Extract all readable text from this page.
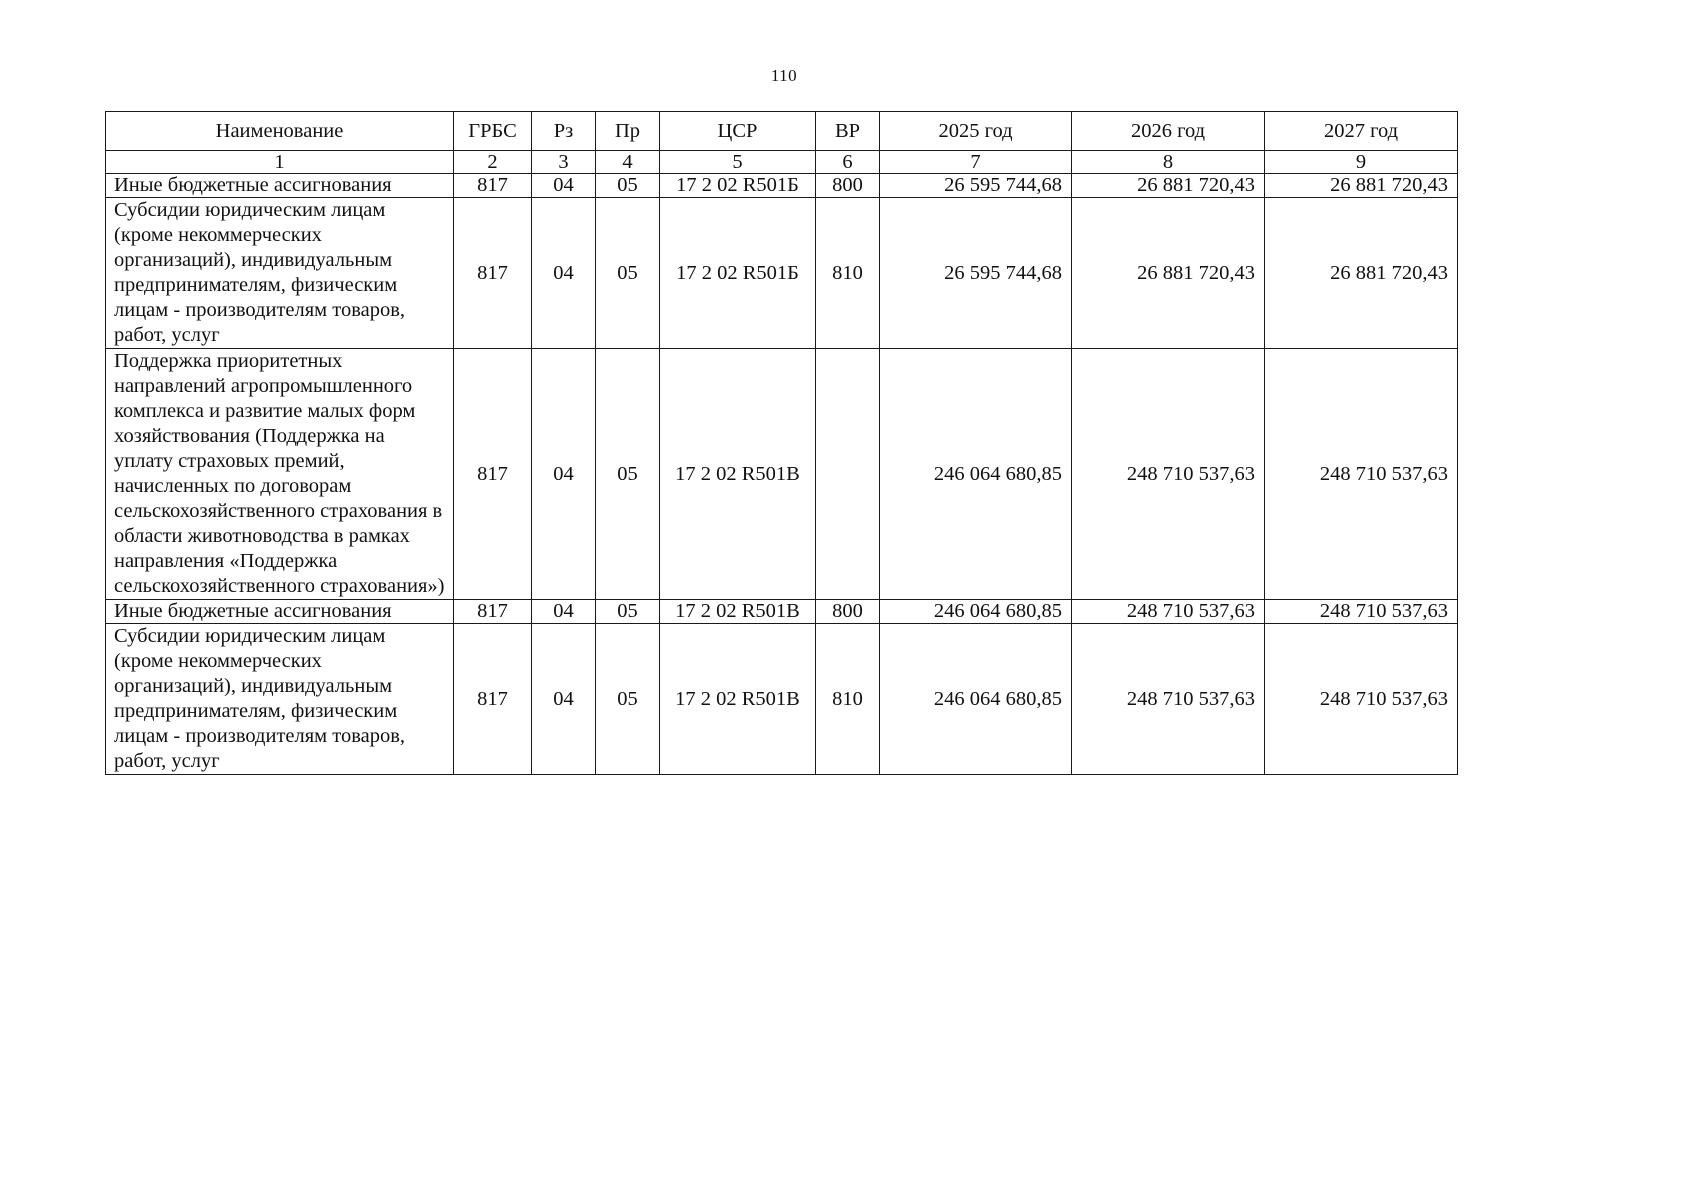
110
Наименование	ГРБС	Рз	Пр	ЦСР	ВР	2025 год	2026 год	2027 год
1	2	3	4	5	6	7	8	9
Иные бюджетные ассигнования	817	04	05	17 2 02 R501Б	800	26 595 744,68	26 881 720,43	26 881 720,43
Субсидии юридическим лицам (кроме некоммерческих организаций), индивидуальным предпринимателям, физическим лицам - производителям товаров, работ, услуг	817	04	05	17 2 02 R501Б	810	26 595 744,68	26 881 720,43	26 881 720,43
Поддержка приоритетных направлений агропромышленного комплекса и развитие малых форм хозяйствования (Поддержка на уплату страховых премий, начисленных по договорам сельскохозяйственного страхования в области животноводства в рамках направления «Поддержка сельскохозяйственного страхования»)	817	04	05	17 2 02 R501В		246 064 680,85	248 710 537,63	248 710 537,63
Иные бюджетные ассигнования	817	04	05	17 2 02 R501В	800	246 064 680,85	248 710 537,63	248 710 537,63
Субсидии юридическим лицам (кроме некоммерческих организаций), индивидуальным предпринимателям, физическим лицам - производителям товаров, работ, услуг	817	04	05	17 2 02 R501В	810	246 064 680,85	248 710 537,63	248 710 537,63
